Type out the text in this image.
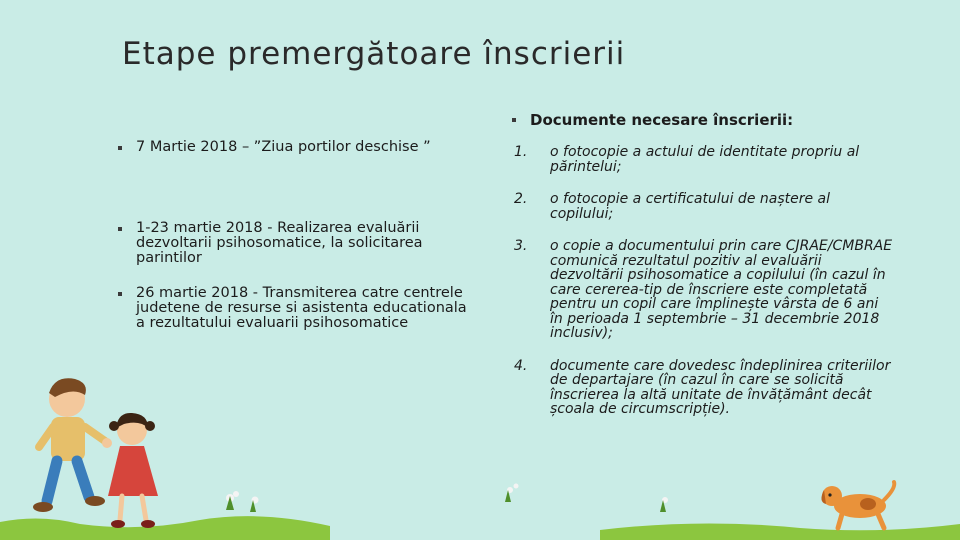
Etape premergătoare înscrierii
7 Martie 2018 – ”Ziua portilor deschise ”
1-23 martie 2018 - Realizarea evaluării dezvoltarii psihosomatice, la solicitarea parintilor
26 martie 2018 - Transmiterea catre centrele judetene de resurse si asistenta educationala a rezultatului evaluarii psihosomatice
Documente necesare înscrierii:
1.	o fotocopie a actului de identitate propriu al părintelui;
2.	o fotocopie a certificatului de naștere al copilului;
3.	o copie a documentului prin care CJRAE/CMBRAE comunică rezultatul pozitiv al evaluării dezvoltării psihosomatice a copilului (în cazul în care cererea-tip de înscriere este completată pentru un copil care împlinește vârsta de 6 ani în perioada 1 septembrie – 31 decembrie 2018 inclusiv);
4.	documente care dovedesc îndeplinirea criteriilor de departajare (în cazul în care se solicită înscrierea la altă unitate de învățământ decât școala de circumscripție).
